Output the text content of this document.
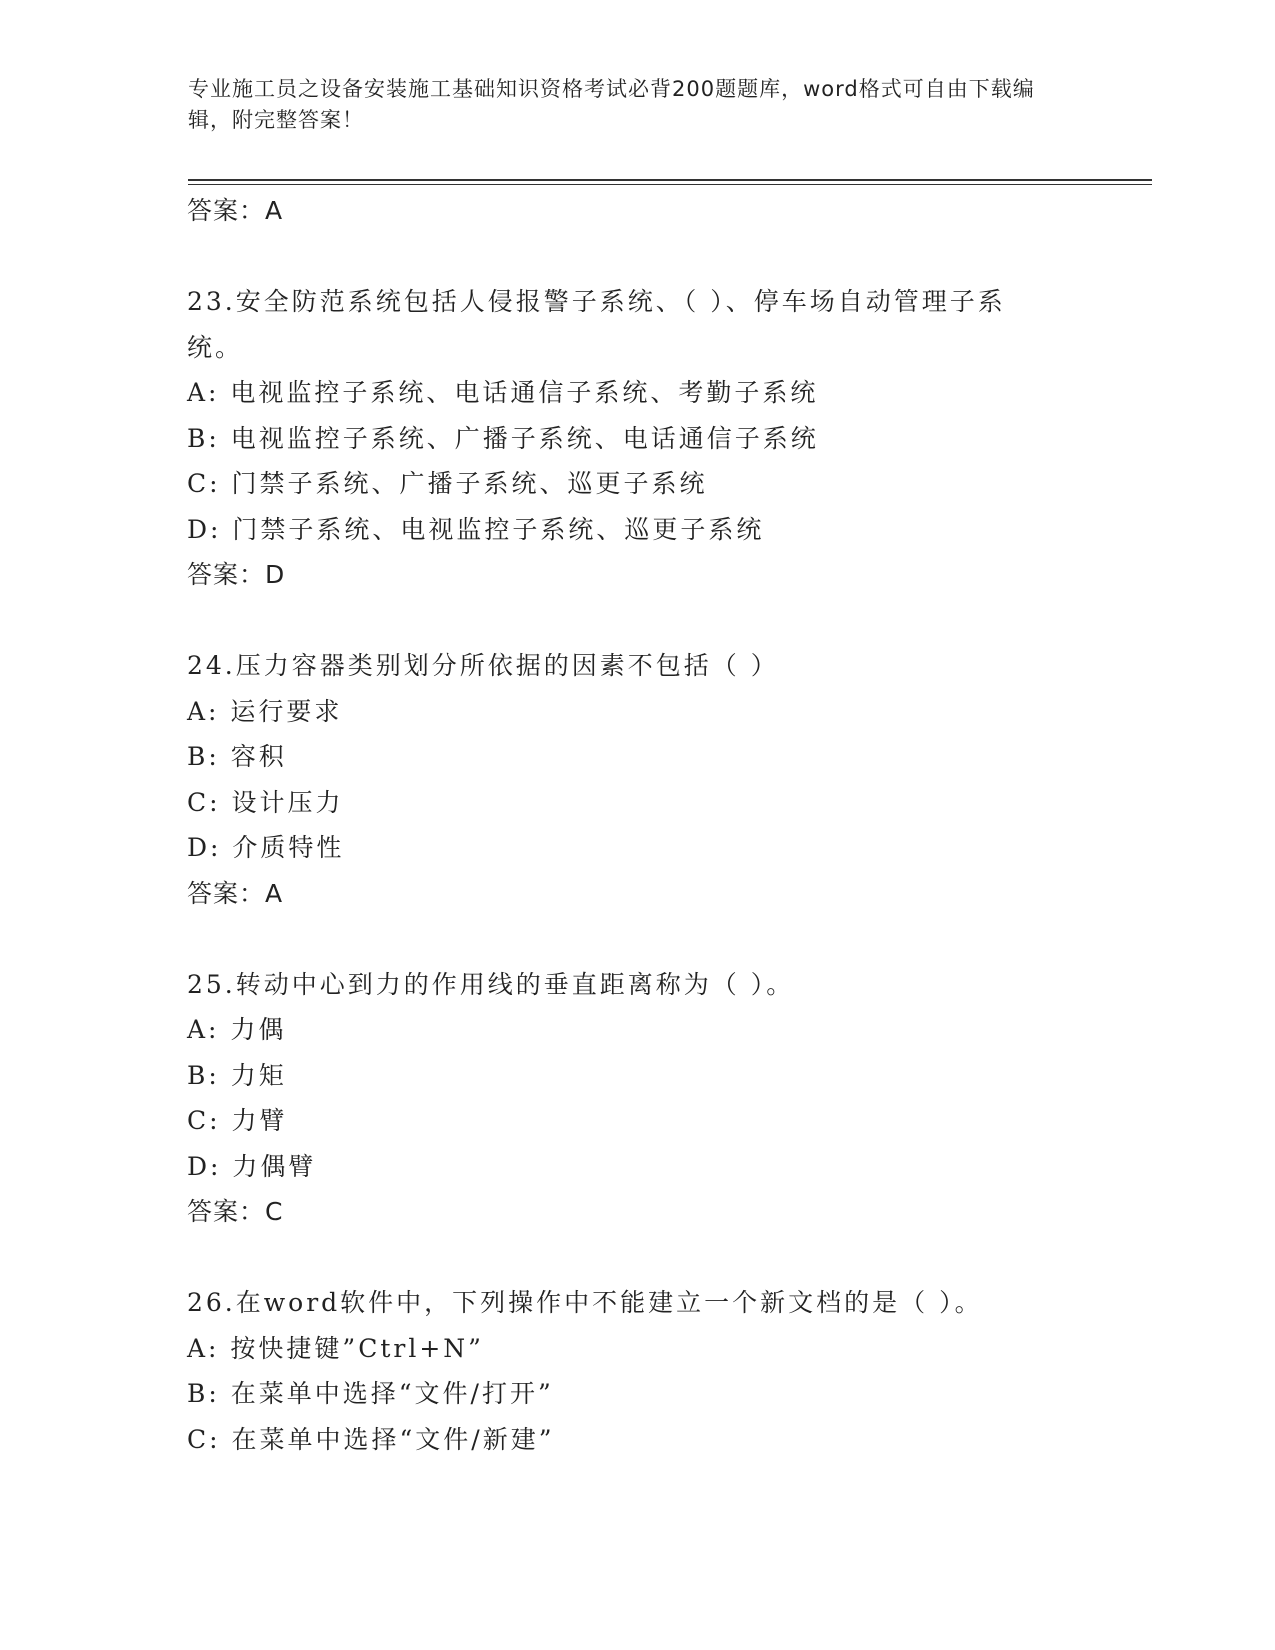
专业施工员之设备安装施工基础知识资格考试必背200题题库，word格式可自由下载编辑，附完整答案！
答案：A
23.安全防范系统包括人侵报警子系统、（ ）、停车场自动管理子系
统。
A: 电视监控子系统、电话通信子系统、考勤子系统
B: 电视监控子系统、广播子系统、电话通信子系统
C: 门禁子系统、广播子系统、巡更子系统
D: 门禁子系统、电视监控子系统、巡更子系统
答案：D
24.压力容器类别划分所依据的因素不包括（ ）
A: 运行要求
B: 容积
C: 设计压力
D: 介质特性
答案：A
25.转动中心到力的作用线的垂直距离称为（ ）。
A: 力偶
B: 力矩
C: 力臂
D: 力偶臂
答案：C
26.在word软件中，下列操作中不能建立一个新文档的是（ ）。
A: 按快捷键”Ctrl+N”
B: 在菜单中选择“文件/打开”
C: 在菜单中选择“文件/新建”
